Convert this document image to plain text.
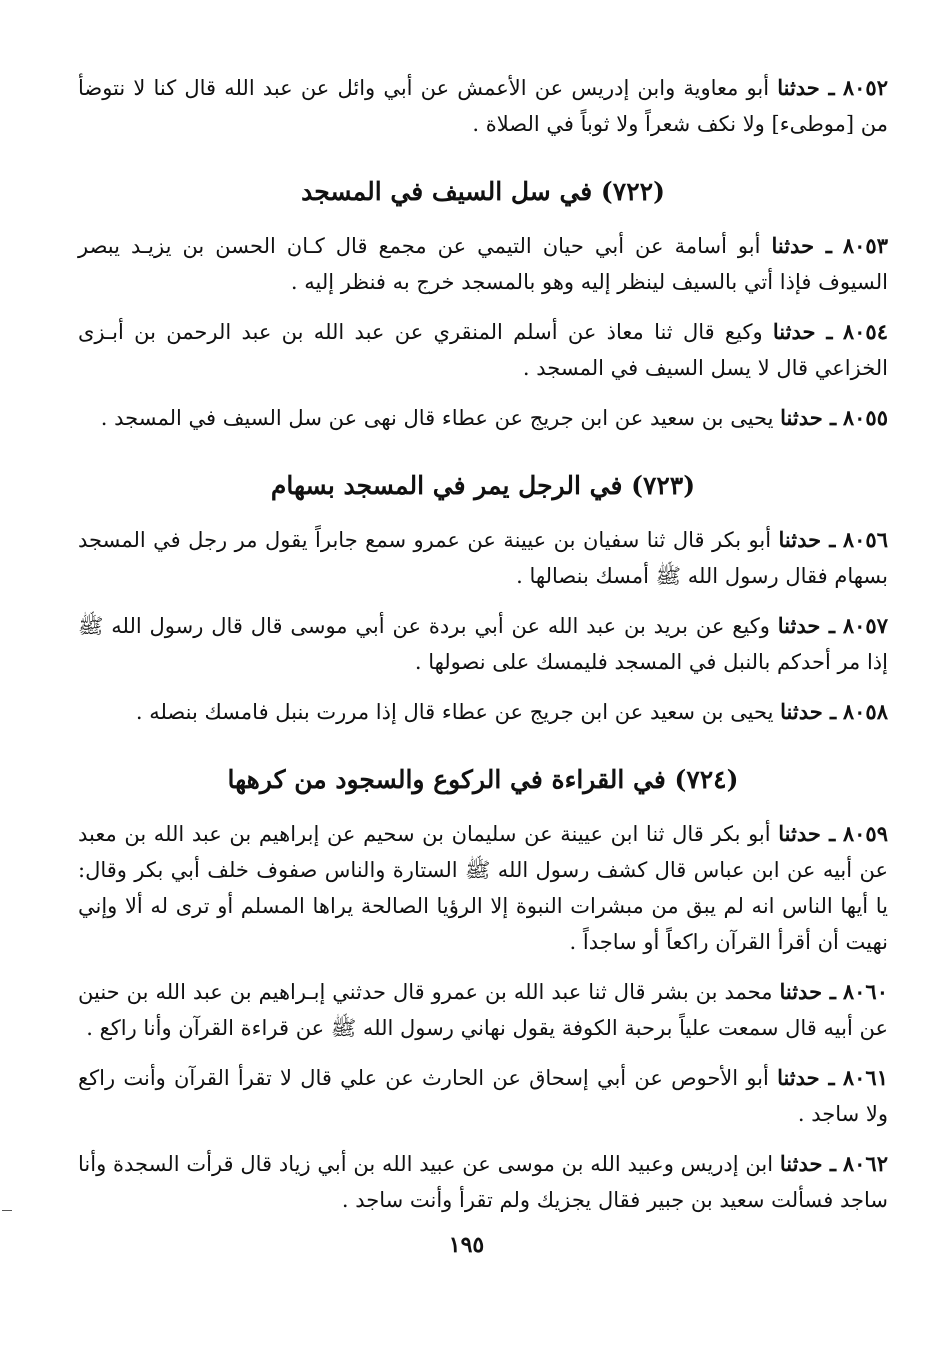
٨٠٥٢ ـ حدثنا أبو معاوية وابن إدريس عن الأعمش عن أبي وائل عن عبد الله قال كنا لا نتوضأ من [موطىء] ولا نكف شعراً ولا ثوباً في الصلاة .

(٧٢٢) في سل السيف في المسجد

٨٠٥٣ ـ حدثنا أبو أسامة عن أبي حيان التيمي عن مجمع قال كـان الحسن بن يزيـد يبصر السيوف فإذا أتي بالسيف لينظر إليه وهو بالمسجد خرج به فنظر إليه .

٨٠٥٤ ـ حدثنا وكيع قال ثنا معاذ عن أسلم المنقري عن عبد الله بن عبد الرحمن بن أبـزى الخزاعي قال لا يسل السيف في المسجد .

٨٠٥٥ ـ حدثنا يحيى بن سعيد عن ابن جريج عن عطاء قال نهى عن سل السيف في المسجد .

(٧٢٣) في الرجل يمر في المسجد بسهام

٨٠٥٦ ـ حدثنا أبو بكر قال ثنا سفيان بن عيينة عن عمرو سمع جابراً يقول مر رجل في المسجد بسهام فقال رسول الله ﷺ أمسك بنصالها .

٨٠٥٧ ـ حدثنا وكيع عن بريد بن عبد الله عن أبي بردة عن أبي موسى قال قال رسول الله ﷺ إذا مر أحدكم بالنبل في المسجد فليمسك على نصولها .

٨٠٥٨ ـ حدثنا يحيى بن سعيد عن ابن جريج عن عطاء قال إذا مررت بنبل فامسك بنصله .

(٧٢٤) في القراءة في الركوع والسجود من كرهها

٨٠٥٩ ـ حدثنا أبو بكر قال ثنا ابن عيينة عن سليمان بن سحيم عن إبراهيم بن عبد الله بن معبد عن أبيه عن ابن عباس قال كشف رسول الله ﷺ الستارة والناس صفوف خلف أبي بكر وقال: يا أيها الناس انه لم يبق من مبشرات النبوة إلا الرؤيا الصالحة يراها المسلم أو ترى له ألا وإني نهيت أن أقرأ القرآن راكعاً أو ساجداً .

٨٠٦٠ ـ حدثنا محمد بن بشر قال ثنا عبد الله بن عمرو قال حدثني إبـراهيم بن عبد الله بن حنين عن أبيه قال سمعت علياً برحبة الكوفة يقول نهاني رسول الله ﷺ عن قراءة القرآن وأنا راكع .

٨٠٦١ ـ حدثنا أبو الأحوص عن أبي إسحاق عن الحارث عن علي قال لا تقرأ القرآن وأنت راكع ولا ساجد .

٨٠٦٢ ـ حدثنا ابن إدريس وعبيد الله بن موسى عن عبيد الله بن أبي زياد قال قرأت السجدة وأنا ساجد فسألت سعيد بن جبير فقال يجزيك ولم تقرأ وأنت ساجد .

١٩٥
